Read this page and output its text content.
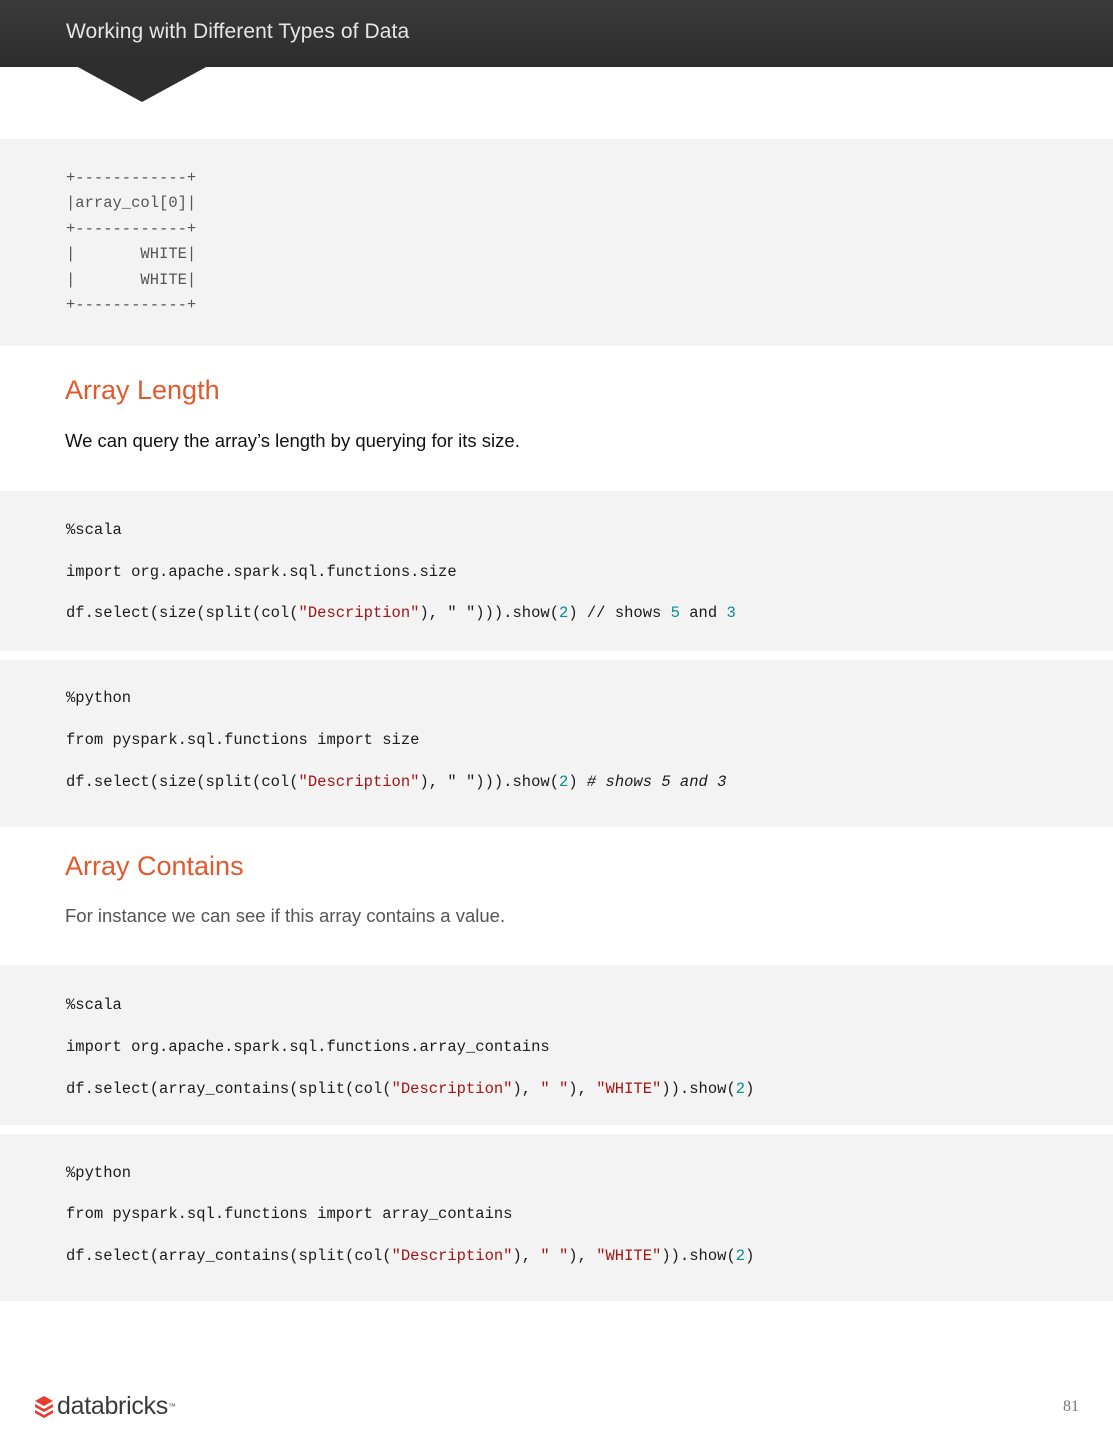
Working with Different Types of Data
+------------+
|array_col[0]|
+------------+
|       WHITE|
|       WHITE|
+------------+
Array Length
We can query the array’s length by querying for its size.
%scala
import org.apache.spark.sql.functions.size
df.select(size(split(col("Description"), " "))).show(2) // shows 5 and 3
%python
from pyspark.sql.functions import size
df.select(size(split(col("Description"), " "))).show(2) # shows 5 and 3
Array Contains
For instance we can see if this array contains a value.
%scala
import org.apache.spark.sql.functions.array_contains
df.select(array_contains(split(col("Description"), " "), "WHITE")).show(2)
%python
from pyspark.sql.functions import array_contains
df.select(array_contains(split(col("Description"), " "), "WHITE")).show(2)
databricks ™	81
